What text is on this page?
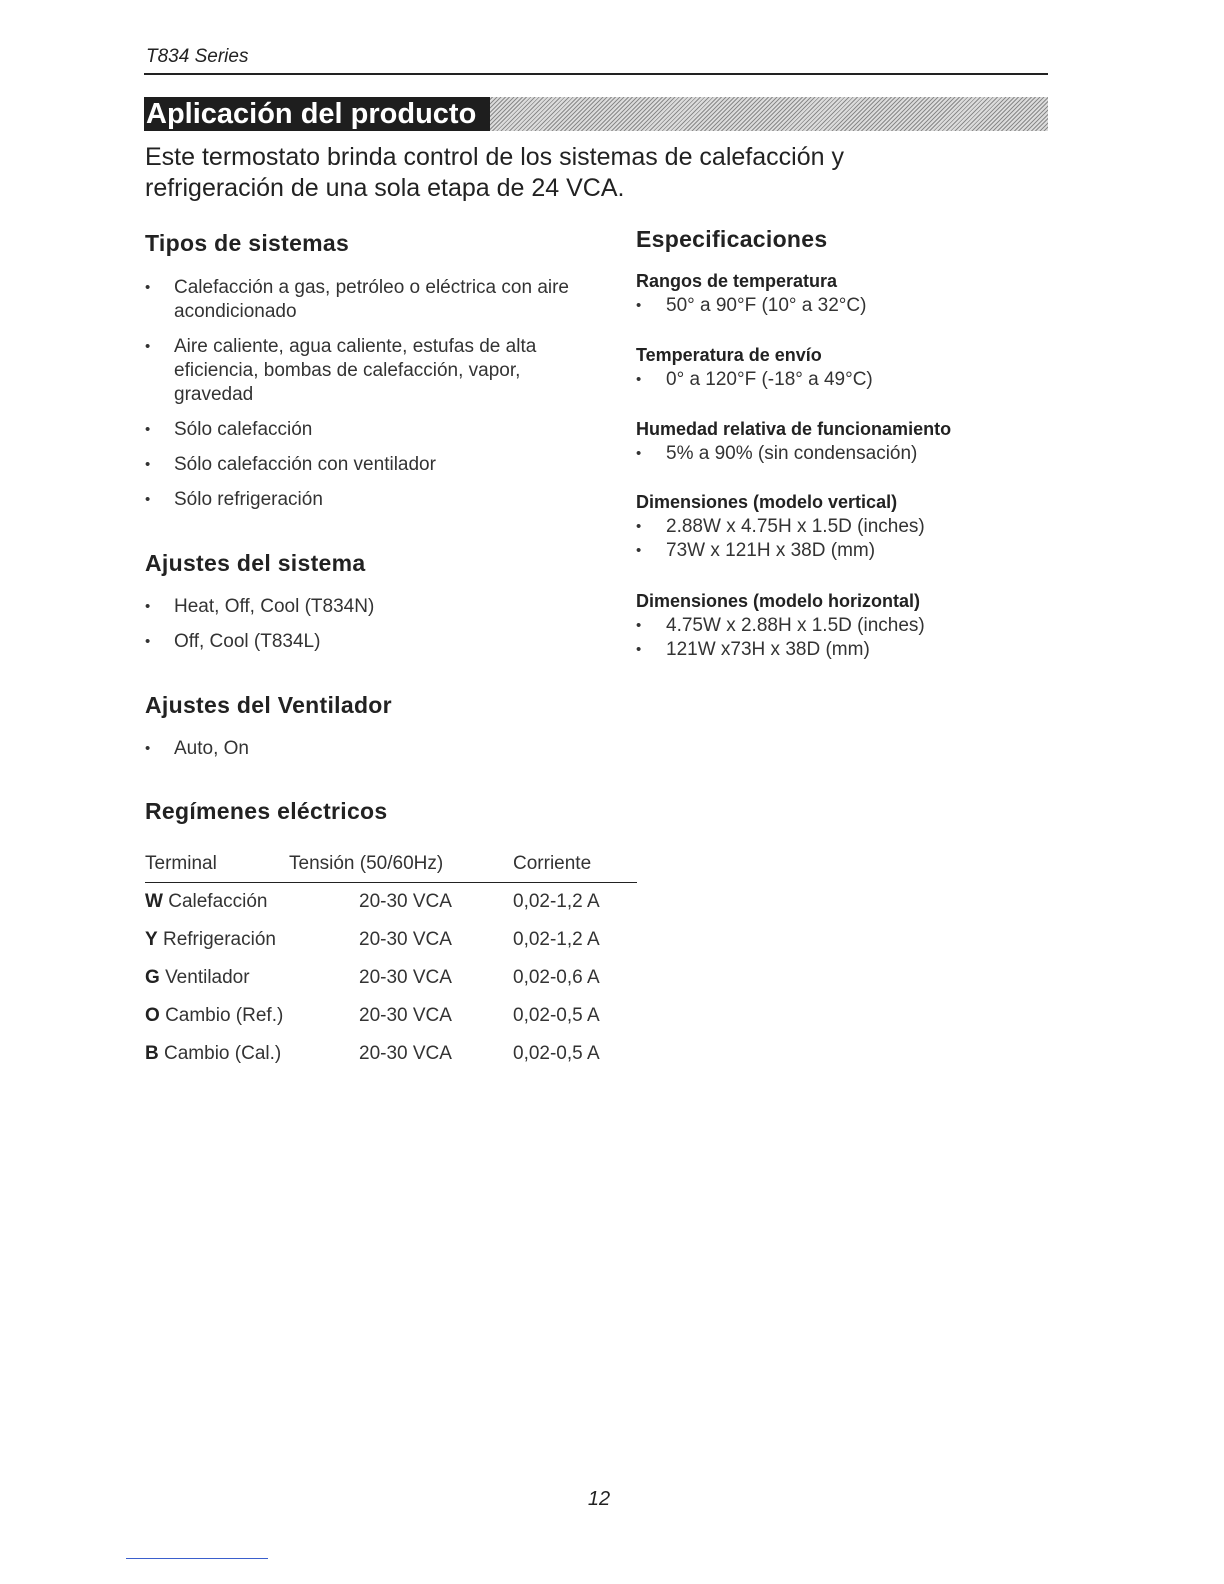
T834 Series
Aplicación del producto
Este termostato brinda control de los sistemas de calefacción y refrigeración de una sola etapa de 24 VCA.
Tipos de sistemas
• Calefacción a gas, petróleo o eléctrica con aire acondicionado
• Aire caliente, agua caliente, estufas de alta eficiencia, bombas de calefacción, vapor, gravedad
• Sólo calefacción
• Sólo calefacción con ventilador
• Sólo refrigeración
Ajustes del sistema
• Heat, Off, Cool (T834N)
• Off, Cool (T834L)
Ajustes del Ventilador
• Auto, On
Regímenes eléctricos
Terminal	Tensión (50/60Hz)	Corriente
W Calefacción	20-30 VCA	0,02-1,2 A
Y Refrigeración	20-30 VCA	0,02-1,2 A
G Ventilador	20-30 VCA	0,02-0,6 A
O Cambio (Ref.)	20-30 VCA	0,02-0,5 A
B Cambio (Cal.)	20-30 VCA	0,02-0,5 A
Especificaciones
Rangos de temperatura
• 50° a 90°F (10° a 32°C)
Temperatura de envío
• 0° a 120°F (-18° a 49°C)
Humedad relativa de funcionamiento
• 5% a 90% (sin condensación)
Dimensiones (modelo vertical)
• 2.88W x 4.75H x 1.5D (inches)
• 73W x 121H x 38D (mm)
Dimensiones (modelo horizontal)
• 4.75W x 2.88H x 1.5D (inches)
• 121W x73H x 38D (mm)
12
